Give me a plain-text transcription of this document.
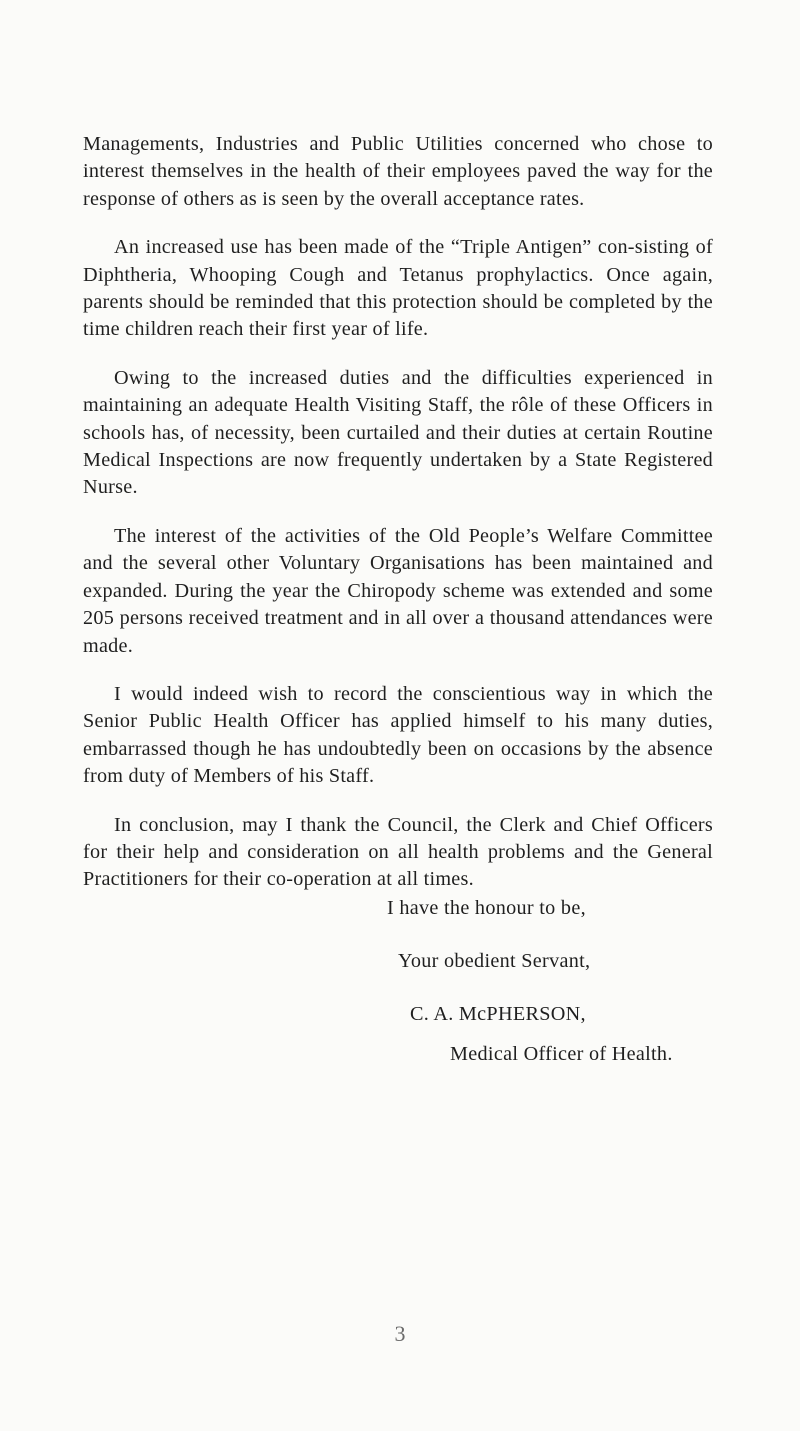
Managements, Industries and Public Utilities concerned who chose to interest themselves in the health of their employees paved the way for the response of others as is seen by the overall acceptance rates.

An increased use has been made of the “Triple Antigen” con-sisting of Diphtheria, Whooping Cough and Tetanus prophylactics. Once again, parents should be reminded that this protection should be completed by the time children reach their first year of life.

Owing to the increased duties and the difficulties experienced in maintaining an adequate Health Visiting Staff, the rôle of these Officers in schools has, of necessity, been curtailed and their duties at certain Routine Medical Inspections are now frequently undertaken by a State Registered Nurse.

The interest of the activities of the Old People’s Welfare Committee and the several other Voluntary Organisations has been maintained and expanded. During the year the Chiropody scheme was extended and some 205 persons received treatment and in all over a thousand attendances were made.

I would indeed wish to record the conscientious way in which the Senior Public Health Officer has applied himself to his many duties, embarrassed though he has undoubtedly been on occasions by the absence from duty of Members of his Staff.

In conclusion, may I thank the Council, the Clerk and Chief Officers for their help and consideration on all health problems and the General Practitioners for their co-operation at all times.

I have the honour to be,
Your obedient Servant,
C. A. McPHERSON,
Medical Officer of Health.
3
